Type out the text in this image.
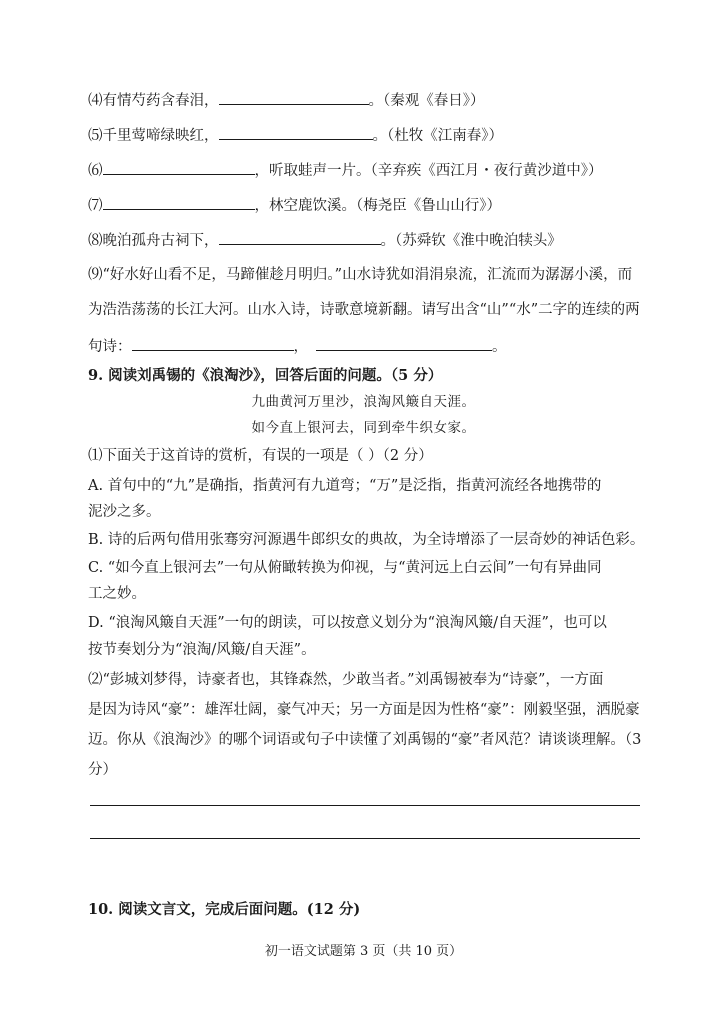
⑷有情芍药含春泪，	。（秦观《春日》）
⑸千里莺啼绿映红，	。（杜牧《江南春》）
⑹	，听取蛙声一片。（辛弃疾《西江月・夜行黄沙道中》）
⑺	，林空鹿饮溪。（梅尧臣《鲁山山行》）
⑻晚泊孤舟古祠下，	。（苏舜钦《淮中晚泊犊头》
⑼“好水好山看不足，马蹄催趁月明归。”山水诗犹如涓涓泉流，汇流而为潺潺小溪，而
为浩浩荡荡的长江大河。山水入诗，诗歌意境新翻。请写出含“山”“水”二字的连续的两
句诗：	，	。
9. 阅读刘禹锡的《浪淘沙》，回答后面的问题。（5 分）
九曲黄河万里沙，浪淘风簸自天涯。
如今直上银河去，同到牵牛织女家。
⑴下面关于这首诗的赏析，有误的一项是（ ）（2 分）
A. 首句中的“九”是确指，指黄河有九道弯；“万”是泛指，指黄河流经各地携带的
泥沙之多。
B. 诗的后两句借用张骞穷河源遇牛郎织女的典故，为全诗增添了一层奇妙的神话色彩。
C. “如今直上银河去”一句从俯瞰转换为仰视，与“黄河远上白云间”一句有异曲同
工之妙。
D. “浪淘风簸自天涯”一句的朗读，可以按意义划分为“浪淘风簸/自天涯”，也可以
按节奏划分为“浪淘/风簸/自天涯”。
⑵“彭城刘梦得，诗豪者也，其锋森然，少敢当者。”刘禹锡被奉为“诗豪”，一方面
是因为诗风“豪”：雄浑壮阔，豪气冲天；另一方面是因为性格“豪”：刚毅坚强，洒脱豪
迈。你从《浪淘沙》的哪个词语或句子中读懂了刘禹锡的“豪”者风范？请谈谈理解。（3
分）
10. 阅读文言文，完成后面问题。(12 分)
初一语文试题第 3 页（共 10 页）
